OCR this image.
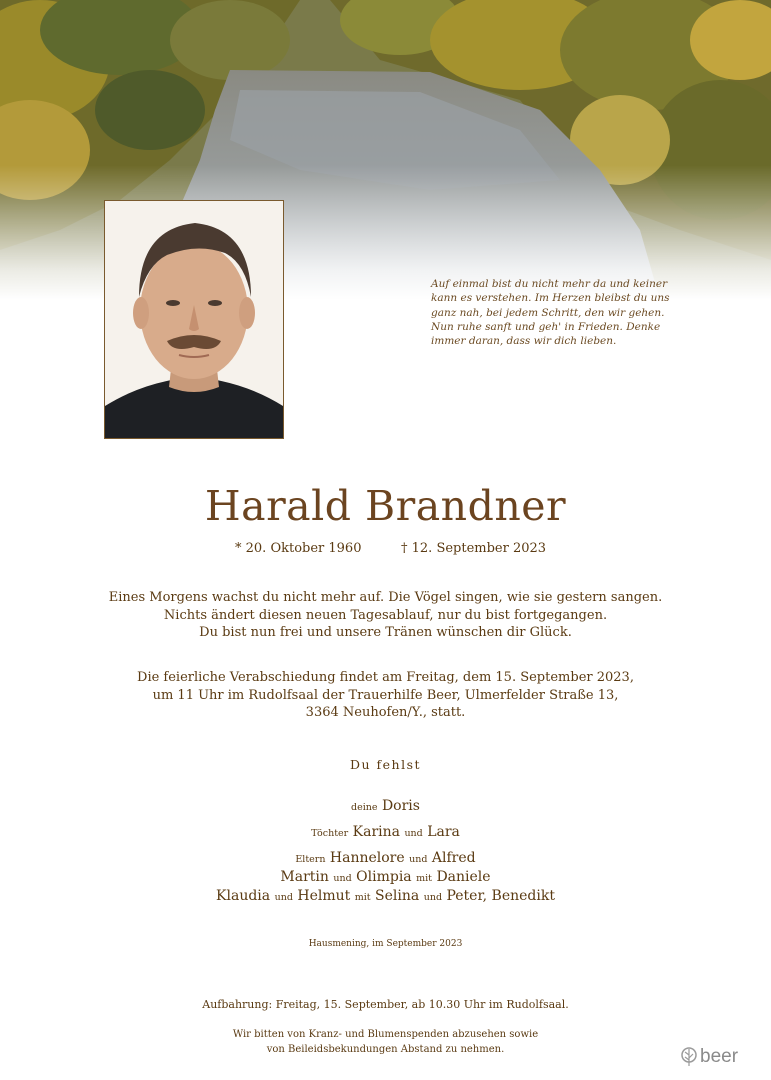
Auf einmal bist du nicht mehr da und keiner
kann es verstehen. Im Herzen bleibst du uns
ganz nah, bei jedem Schritt, den wir gehen.
Nun ruhe sanft und geh' in Frieden. Denke
immer daran, dass wir dich lieben.
Harald Brandner
* 20. Oktober 1960	† 12. September 2023
Eines Morgens wachst du nicht mehr auf. Die Vögel singen, wie sie gestern sangen.
Nichts ändert diesen neuen Tagesablauf, nur du bist fortgegangen.
Du bist nun frei und unsere Tränen wünschen dir Glück.
Die feierliche Verabschiedung findet am Freitag, dem 15. September 2023,
um 11 Uhr im Rudolfsaal der Trauerhilfe Beer, Ulmerfelder Straße 13,
3364 Neuhofen/Y., statt.
Du fehlst
deine Doris
Töchter Karina und Lara
Eltern Hannelore und Alfred
Martin und Olimpia mit Daniele
Klaudia und Helmut mit Selina und Peter, Benedikt
Hausmening, im September 2023
Aufbahrung: Freitag, 15. September, ab 10.30 Uhr im Rudolfsaal.
Wir bitten von Kranz- und Blumenspenden abzusehen sowie
von Beileidsbekundungen Abstand zu nehmen.	beer
